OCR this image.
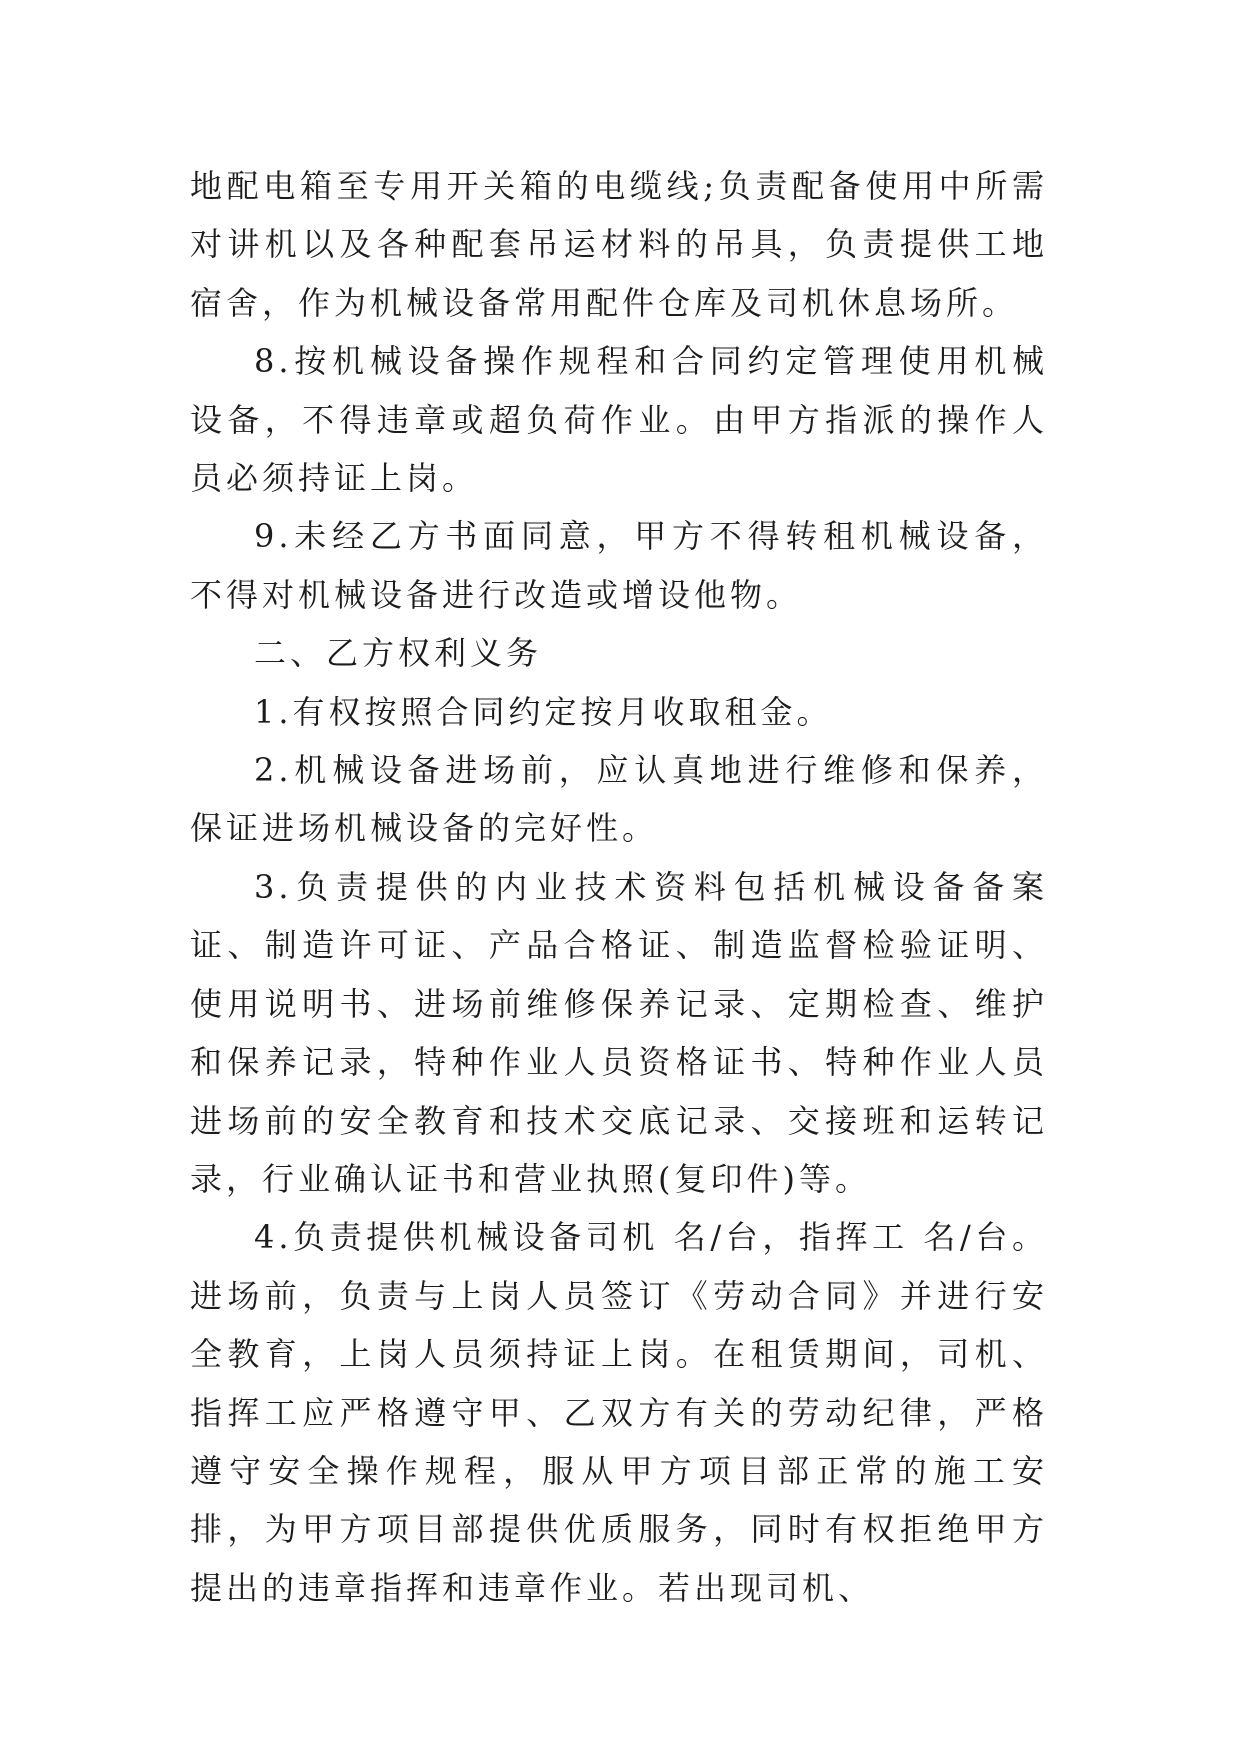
地配电箱至专用开关箱的电缆线;负责配备使用中所需对讲机以及各种配套吊运材料的吊具，负责提供工地宿舍，作为机械设备常用配件仓库及司机休息场所。

8.按机械设备操作规程和合同约定管理使用机械设备，不得违章或超负荷作业。由甲方指派的操作人员必须持证上岗。

9.未经乙方书面同意，甲方不得转租机械设备，不得对机械设备进行改造或增设他物。

二、乙方权利义务

1.有权按照合同约定按月收取租金。

2.机械设备进场前，应认真地进行维修和保养，保证进场机械设备的完好性。

3.负责提供的内业技术资料包括机械设备备案证、制造许可证、产品合格证、制造监督检验证明、使用说明书、进场前维修保养记录、定期检查、维护和保养记录，特种作业人员资格证书、特种作业人员进场前的安全教育和技术交底记录、交接班和运转记录，行业确认证书和营业执照(复印件)等。

4.负责提供机械设备司机 名/台，指挥工 名/台。进场前，负责与上岗人员签订《劳动合同》并进行安全教育，上岗人员须持证上岗。在租赁期间，司机、指挥工应严格遵守甲、乙双方有关的劳动纪律，严格遵守安全操作规程，服从甲方项目部正常的施工安排，为甲方项目部提供优质服务，同时有权拒绝甲方提出的违章指挥和违章作业。若出现司机、
